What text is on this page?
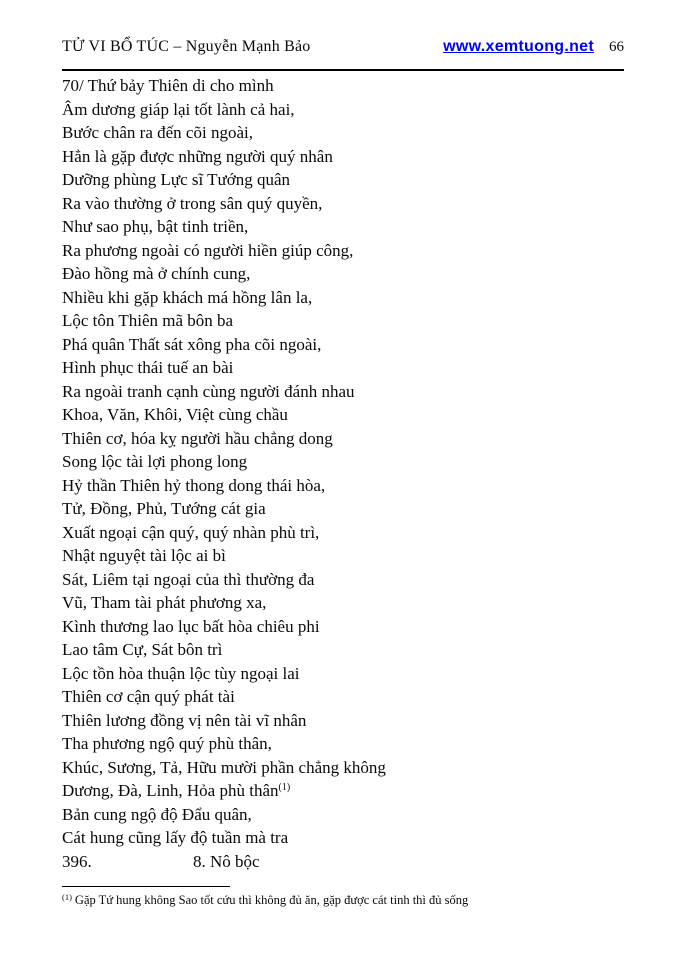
TỬ VI BỔ TÚC – Nguyễn Mạnh Bảo	www.xemtuong.net 66
70/ Thứ bảy Thiên di cho mình
Âm dương giáp lại tốt lành cả hai,
Bước chân ra đến cõi ngoài,
Hẳn là gặp được những người quý nhân
Dưỡng phùng Lực sĩ Tướng quân
Ra vào thường ở trong sân quý quyền,
Như sao phụ, bật tinh triền,
Ra phương ngoài có người hiền giúp công,
Đào hồng mà ở chính cung,
Nhiều khi gặp khách má hồng lân la,
Lộc tôn Thiên mã bôn ba
Phá quân Thất sát xông pha cõi ngoài,
Hình phục thái tuế an bài
Ra ngoài tranh cạnh cùng người đánh nhau
Khoa, Văn, Khôi, Việt cùng chầu
Thiên cơ, hóa kỵ người hầu chẳng dong
Song lộc tài lợi phong long
Hỷ thần Thiên hỷ thong dong thái hòa,
Tử, Đồng, Phủ, Tướng cát gia
Xuất ngoại cận quý, quý nhàn phù trì,
Nhật nguyệt tài lộc ai bì
Sát, Liêm tại ngoại của thì thường đa
Vũ, Tham tài phát phương xa,
Kình thương lao lục bất hòa chiêu phi
Lao tâm Cự, Sát bôn trì
Lộc tồn hòa thuận lộc tùy ngoại lai
Thiên cơ cận quý phát tài
Thiên lương đồng vị nên tài vĩ nhân
Tha phương ngộ quý phù thân,
Khúc, Sương, Tả, Hữu mười phần chẳng không
Dương, Đà, Linh, Hỏa phù thân$^{(1)}$
Bản cung ngộ độ Đẩu quân,
Cát hung cũng lấy độ tuần mà tra
396.	8. Nô bộc
$^{(1)}$ Gặp Tứ hung không Sao tốt cứu thì không đủ ăn, gặp được cát tinh thì đủ sống
